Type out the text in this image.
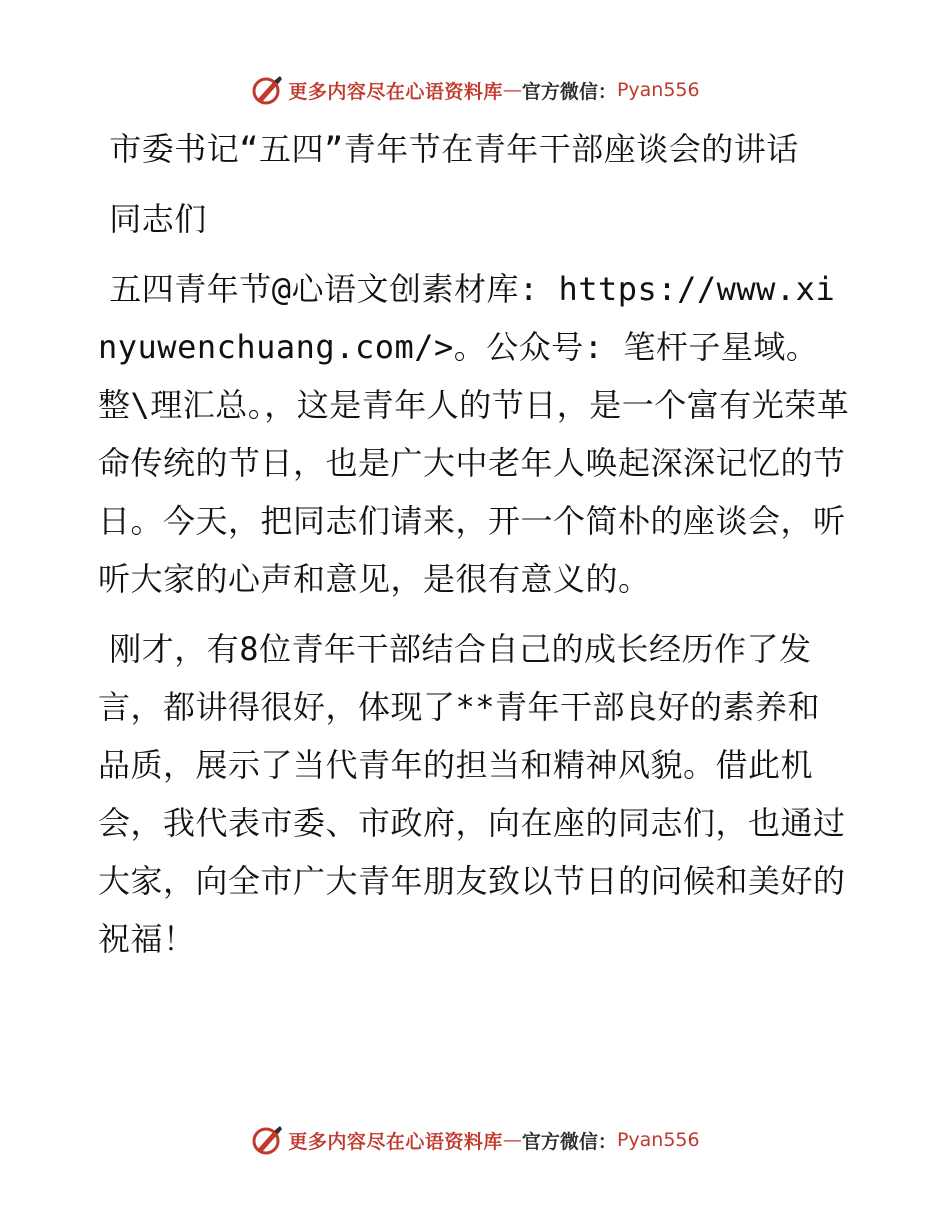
更多内容尽在心语资料库 — 官方微信： Pyan556

市委书记“五四”青年节在青年干部座谈会的讲话

同志们

五四青年节@心语文创素材库: https://www.xinyuwenchuang.com/>。公众号: 笔杆子星域。整\理汇总。，这是青年人的节日，是一个富有光荣革命传统的节日，也是广大中老年人唤起深深记忆的节日。今天，把同志们请来，开一个简朴的座谈会，听听大家的心声和意见，是很有意义的。

刚才，有8位青年干部结合自己的成长经历作了发言，都讲得很好，体现了**青年干部良好的素养和品质，展示了当代青年的担当和精神风貌。借此机会，我代表市委、市政府，向在座的同志们，也通过大家，向全市广大青年朋友致以节日的问候和美好的祝福！

更多内容尽在心语资料库 — 官方微信： Pyan556
